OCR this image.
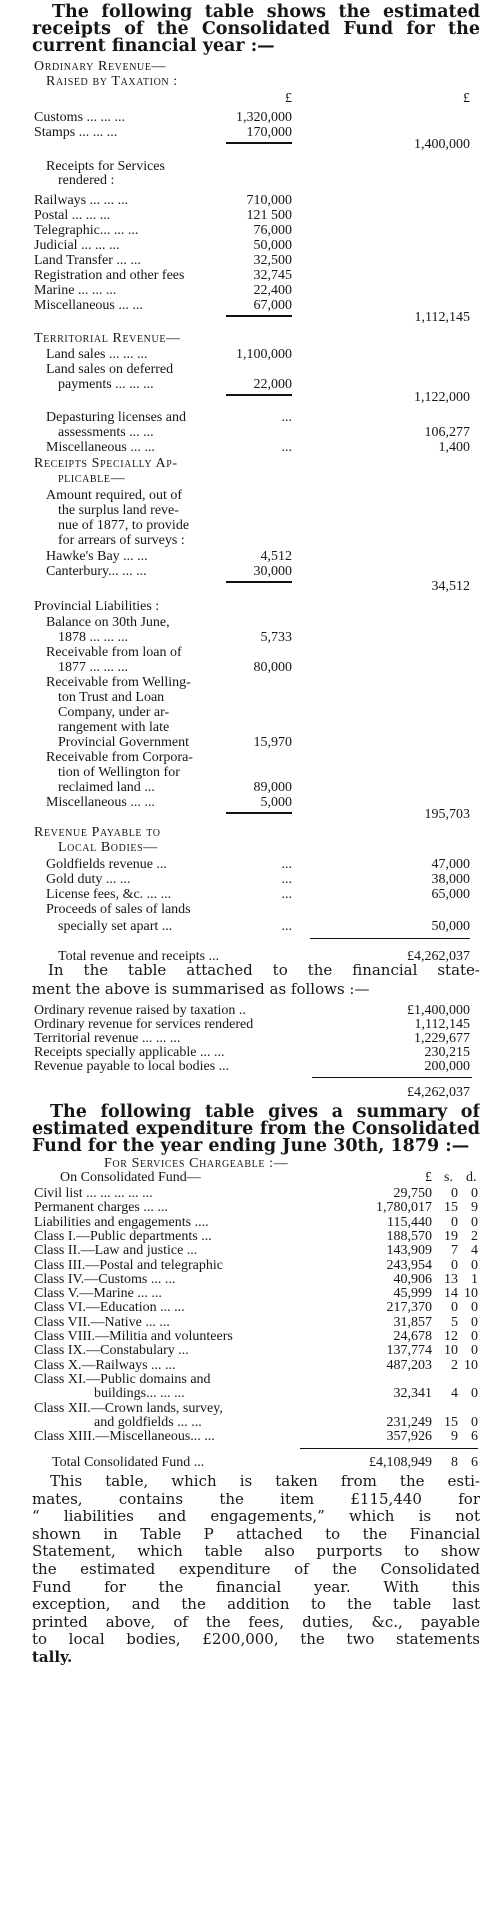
The following table shows the estimated
receipts of the Consolidated Fund for the
current financial year :—
Ordinary Revenue—
Raised by Taxation :
£	£
Customs ... ... ...	1,320,000
Stamps ... ... ...	170,000
1,400,000
Receipts for Services
rendered :
Railways ... ... ...	710,000
Postal ... ... ...	121 500
Telegraphic... ... ...	76,000
Judicial ... ... ...	50,000
Land Transfer ... ...	32,500
Registration and other fees	32,745
Marine ... ... ...	22,400
Miscellaneous ... ...	67,000
1,112,145
Territorial Revenue—
Land sales ... ... ...	1,100,000
Land sales on deferred
payments ... ... ...	22,000
1,122,000
Depasturing licenses and	...
assessments ... ...	106,277
Miscellaneous ... ...	...	1,400
Receipts Specially Ap-
plicable—
Amount required, out of
the surplus land reve-
nue of 1877, to provide
for arrears of surveys :
Hawke's Bay ... ...	4,512
Canterbury... ... ...	30,000
34,512
Provincial Liabilities :
Balance on 30th June,
1878 ... ... ...	5,733
Receivable from loan of
1877 ... ... ...	80,000
Receivable from Welling-
ton Trust and Loan
Company, under ar-
rangement with late
Provincial Government	15,970
Receivable from Corpora-
tion of Wellington for
reclaimed land ...	89,000
Miscellaneous ... ...	5,000
195,703
Revenue Payable to
Local Bodies—
Goldfields revenue ...	...	47,000
Gold duty ... ...	...	38,000
License fees, &c. ... ...	...	65,000
Proceeds of sales of lands
specially set apart ...	...	50,000
Total revenue and receipts ...	£4,262,037
In the table attached to the financial state-
ment the above is summarised as follows :—
Ordinary revenue raised by taxation ..	£1,400,000
Ordinary revenue for services rendered	1,112,145
Territorial revenue ... ... ...	1,229,677
Receipts specially applicable ... ...	230,215
Revenue payable to local bodies ...	200,000
£4,262,037
The following table gives a summary of
estimated expenditure from the Consolidated
Fund for the year ending June 30th, 1879 :—
For Services Chargeable :—
On Consolidated Fund—	£ s. d.
Civil list ... ... ... ... ...	29,750	0 0
Permanent charges ... ...	1,780,017 15 9
Liabilities and engagements ....	115,440	0 0
Class I.—Public departments ...	188,570 19 2
Class II.—Law and justice ...	143,909	7 4
Class III.—Postal and telegraphic	243,954	0 0
Class IV.—Customs ... ...	40,906 13 1
Class V.—Marine ... ...	45,999 14 10
Class VI.—Education ... ...	217,370	0 0
Class VII.—Native ... ...	31,857	5 0
Class VIII.—Militia and volunteers	24,678 12 0
Class IX.—Constabulary ...	137,774 10 0
Class X.—Railways ... ...	487,203	2 10
Class XI.—Public domains and
buildings... ... ...	32,341	4 0
Class XII.—Crown lands, survey,
and goldfields ... ...	231,249 15 0
Class XIII.—Miscellaneous... ...	357,926	9 6
Total Consolidated Fund ...	£4,108,949	8 6
This table, which is taken from the esti-
mates, contains the item £115,440 for
“ liabilities and engagements,” which is not
shown in Table P attached to the Financial
Statement, which table also purports to show
the estimated expenditure of the Consolidated
Fund for the financial year. With this
exception, and the addition to the table last
printed above, of the fees, duties, &c., payable
to local bodies, £200,000, the two statements
tally.
